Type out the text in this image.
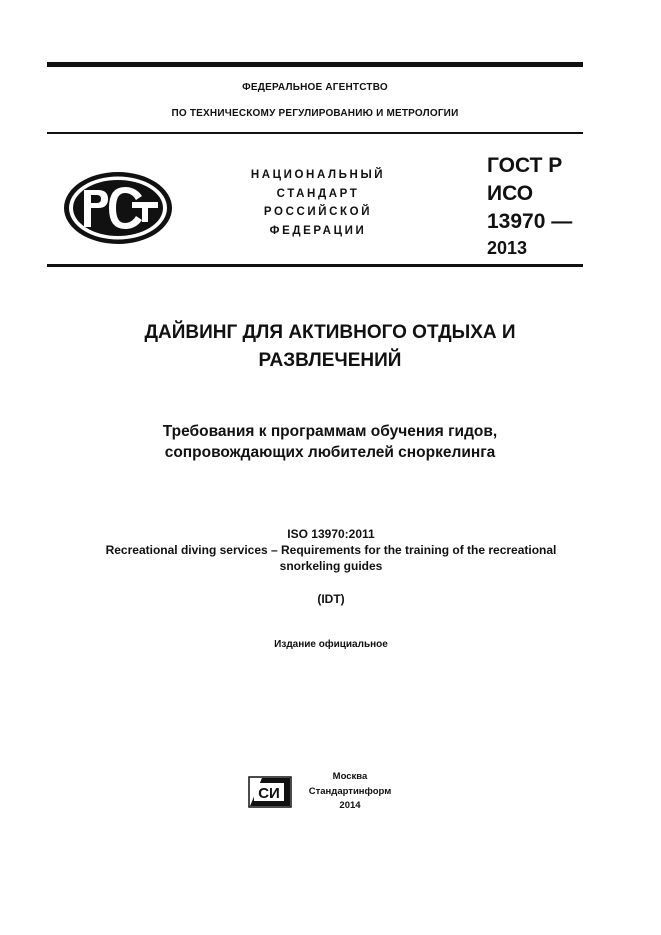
ФЕДЕРАЛЬНОЕ АГЕНТСТВО
ПО ТЕХНИЧЕСКОМУ РЕГУЛИРОВАНИЮ И МЕТРОЛОГИИ
НАЦИОНАЛЬНЫЙ
СТАНДАРТ
РОССИЙСКОЙ
ФЕДЕРАЦИИ
ГОСТ Р
ИСО
13970 —
2013
ДАЙВИНГ ДЛЯ АКТИВНОГО ОТДЫХА И
РАЗВЛЕЧЕНИЙ
Требования к программам обучения гидов,
сопровождающих любителей сноркелинга
ISO 13970:2011
Recreational diving services – Requirements for the training of the recreational
snorkeling guides
(IDT)
Издание официальное
СИ
Москва
Стандартинформ
2014
